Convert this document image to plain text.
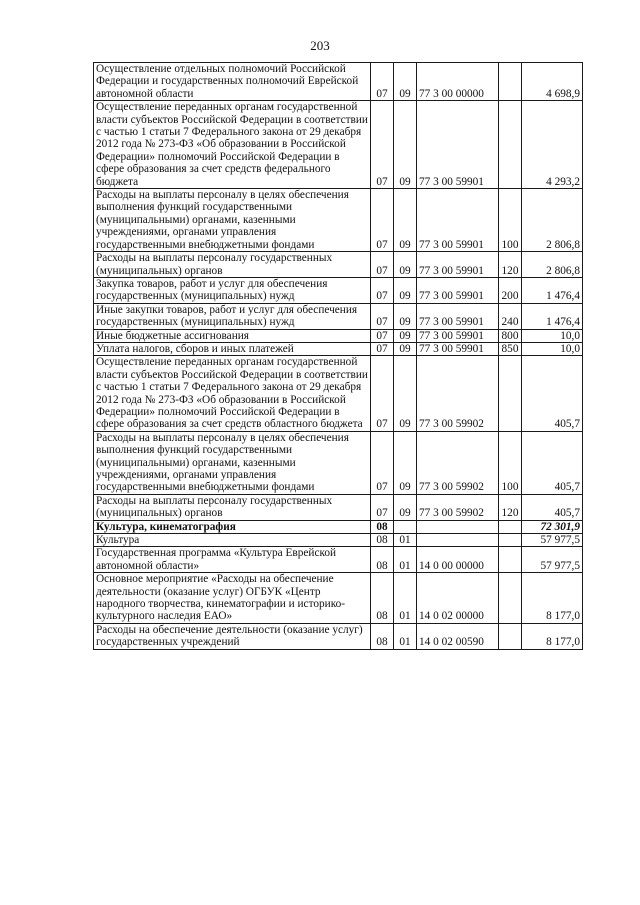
203
Осуществление отдельных полномочий Российской Федерации и государственных полномочий Еврейской автономной области	07	09	77 3 00 00000		4 698,9
Осуществление переданных органам государственной власти субъектов Российской Федерации в соответствии с частью 1 статьи 7 Федерального закона от 29 декабря 2012 года № 273-ФЗ «Об образовании в Российской Федерации» полномочий Российской Федерации в сфере образования за счет средств федерального бюджета	07	09	77 3 00 59901		4 293,2
Расходы на выплаты персоналу в целях обеспечения выполнения функций государственными (муниципальными) органами, казенными учреждениями, органами управления государственными внебюджетными фондами	07	09	77 3 00 59901	100	2 806,8
Расходы на выплаты персоналу государственных (муниципальных) органов	07	09	77 3 00 59901	120	2 806,8
Закупка товаров, работ и услуг для обеспечения государственных (муниципальных) нужд	07	09	77 3 00 59901	200	1 476,4
Иные закупки товаров, работ и услуг для обеспечения государственных (муниципальных) нужд	07	09	77 3 00 59901	240	1 476,4
Иные бюджетные ассигнования	07	09	77 3 00 59901	800	10,0
Уплата налогов, сборов и иных платежей	07	09	77 3 00 59901	850	10,0
Осуществление переданных органам государственной власти субъектов Российской Федерации в соответствии с частью 1 статьи 7 Федерального закона от 29 декабря 2012 года № 273-ФЗ «Об образовании в Российской Федерации» полномочий Российской Федерации в сфере образования за счет средств областного бюджета	07	09	77 3 00 59902		405,7
Расходы на выплаты персоналу в целях обеспечения выполнения функций государственными (муниципальными) органами, казенными учреждениями, органами управления государственными внебюджетными фондами	07	09	77 3 00 59902	100	405,7
Расходы на выплаты персоналу государственных (муниципальных) органов	07	09	77 3 00 59902	120	405,7
Культура, кинематография	08				72 301,9
Культура	08	01			57 977,5
Государственная программа «Культура Еврейской автономной области»	08	01	14 0 00 00000		57 977,5
Основное мероприятие «Расходы на обеспечение деятельности (оказание услуг) ОГБУК «Центр народного творчества, кинематографии и историко-культурного наследия ЕАО»	08	01	14 0 02 00000		8 177,0
Расходы на обеспечение деятельности (оказание услуг) государственных учреждений	08	01	14 0 02 00590		8 177,0
